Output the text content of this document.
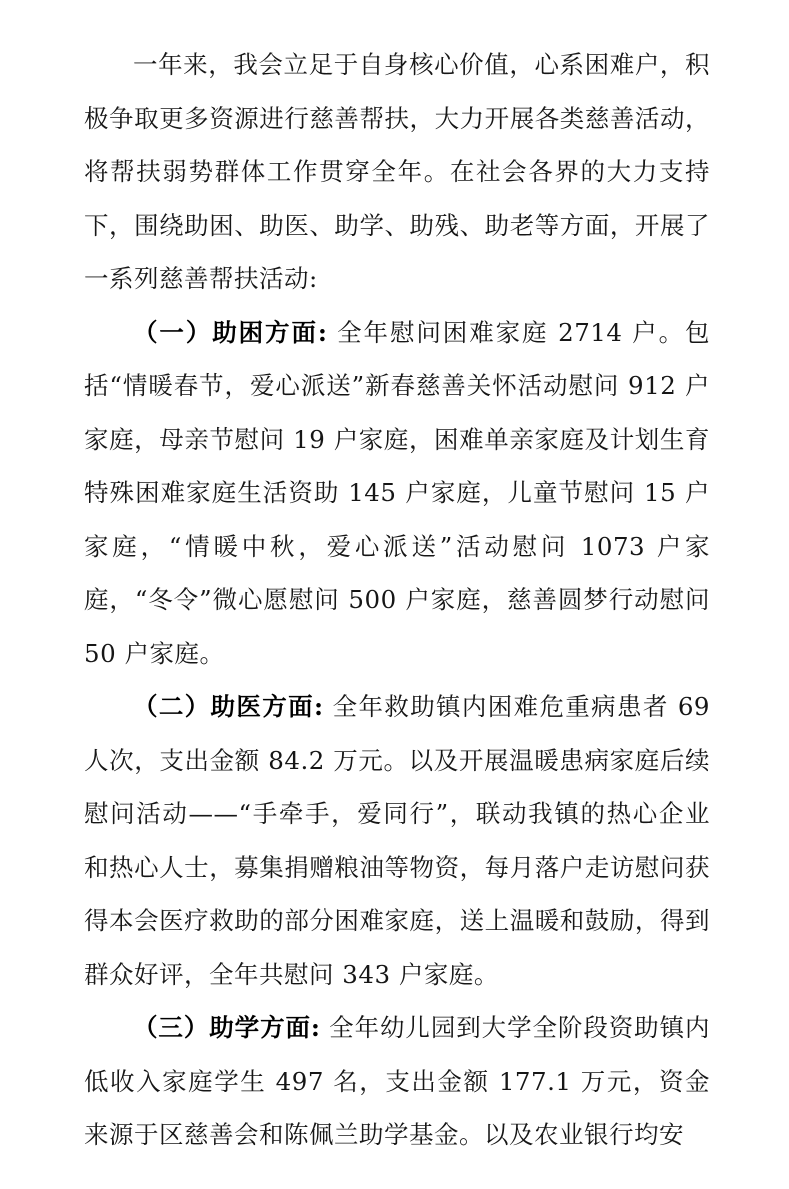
一年来，我会立足于自身核心价值，心系困难户，积极争取更多资源进行慈善帮扶，大力开展各类慈善活动，将帮扶弱势群体工作贯穿全年。在社会各界的大力支持下，围绕助困、助医、助学、助残、助老等方面，开展了一系列慈善帮扶活动:

（一）助困方面: 全年慰问困难家庭 2714 户。包括“情暖春节，爱心派送”新春慈善关怀活动慰问 912 户家庭，母亲节慰问 19 户家庭，困难单亲家庭及计划生育特殊困难家庭生活资助 145 户家庭，儿童节慰问 15 户家庭，“情暖中秋，爱心派送”活动慰问 1073 户家庭，“冬令”微心愿慰问 500 户家庭，慈善圆梦行动慰问 50 户家庭。

（二）助医方面: 全年救助镇内困难危重病患者 69 人次，支出金额 84.2 万元。以及开展温暖患病家庭后续慰问活动——“手牵手，爱同行”，联动我镇的热心企业和热心人士，募集捐赠粮油等物资，每月落户走访慰问获得本会医疗救助的部分困难家庭，送上温暖和鼓励，得到群众好评，全年共慰问 343 户家庭。

（三）助学方面: 全年幼儿园到大学全阶段资助镇内低收入家庭学生 497 名，支出金额 177.1 万元，资金来源于区慈善会和陈佩兰助学基金。以及农业银行均安
